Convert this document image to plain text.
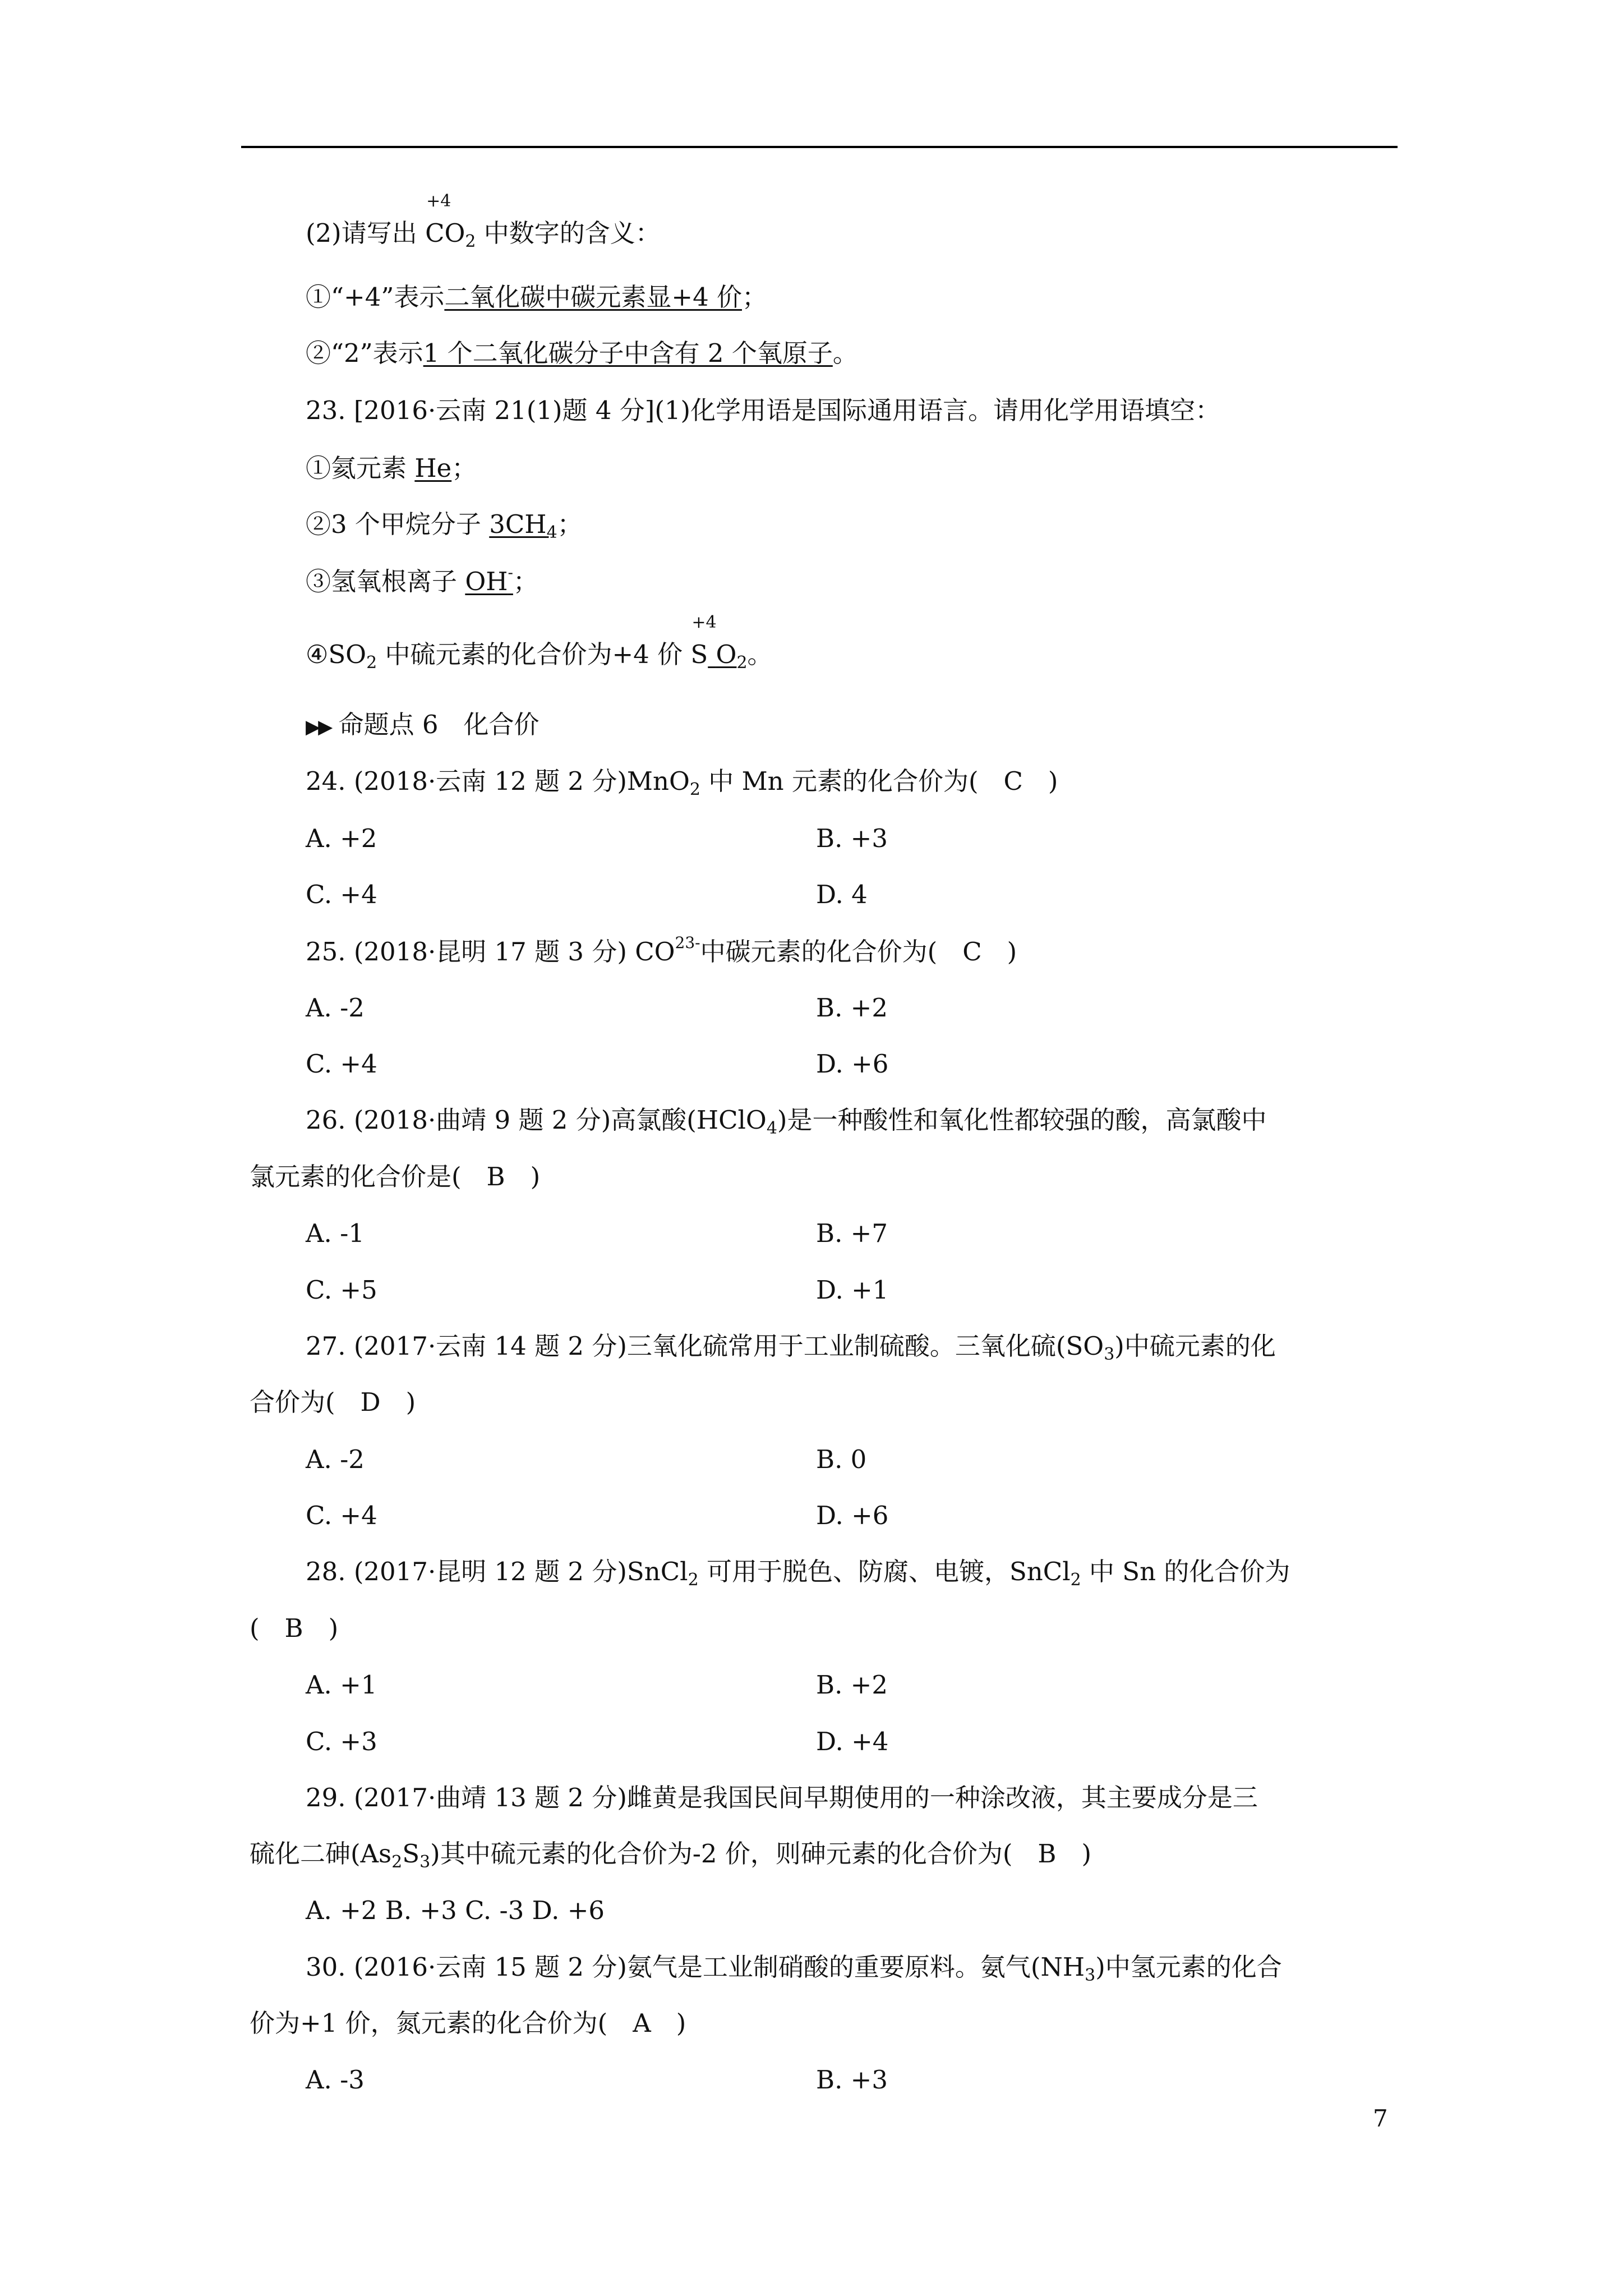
(2)请写出
+4
$CO_2$ 中数字的含义：
①“+4”表示二氧化碳中碳元素显+4 价；
②“2”表示1 个二氧化碳分子中含有 2 个氧原子。
23. [2016·云南 21(1)题 4 分](1)化学用语是国际通用语言。请用化学用语填空：
①氦元素 He；
②3 个甲烷分子 $3CH_4$；
③氢氧根离子 OH-；
$④SO_2$ 中硫元素的化合价为+4 价
+4
S $O_2$。
▶▶ 命题点 6　化合价
24. (2018·云南 12 题 2 分)MnO$_2$ 中 Mn 元素的化合价为(　C　)
A. +2	B. +3
C. +4	D. 4
25. (2018·昆明 17 题 3 分) $CO^{23-}$中碳元素的化合价为(　C　)
A. -2	B. +2
C. +4	D. +6
26. (2018·曲靖 9 题 2 分)高氯酸(HClO$_4$)是一种酸性和氧化性都较强的酸，高氯酸中
氯元素的化合价是(　B　)
A. -1	B. +7
C. +5	D. +1
27. (2017·云南 14 题 2 分)三氧化硫常用于工业制硫酸。三氧化硫$(SO_3)$中硫元素的化
合价为(　D　)
A. -2	B. 0
C. +4	D. +6
28. (2017·昆明 12 题 2 分)SnCl$_2$ 可用于脱色、防腐、电镀，SnCl$_2$ 中 Sn 的化合价为
(　B　)
A. +1	B. +2
C. +3	D. +4
29. (2017·曲靖 13 题 2 分)雌黄是我国民间早期使用的一种涂改液，其主要成分是三
硫化二砷$(As_2S_3)$其中硫元素的化合价为-2 价，则砷元素的化合价为(　B　)
A. +2 B. +3 C. -3 D. +6
30. (2016·云南 15 题 2 分)氨气是工业制硝酸的重要原料。氨气$(NH_3)$中氢元素的化合
价为+1 价，氮元素的化合价为(　A　)
A. -3	B. +3
7
